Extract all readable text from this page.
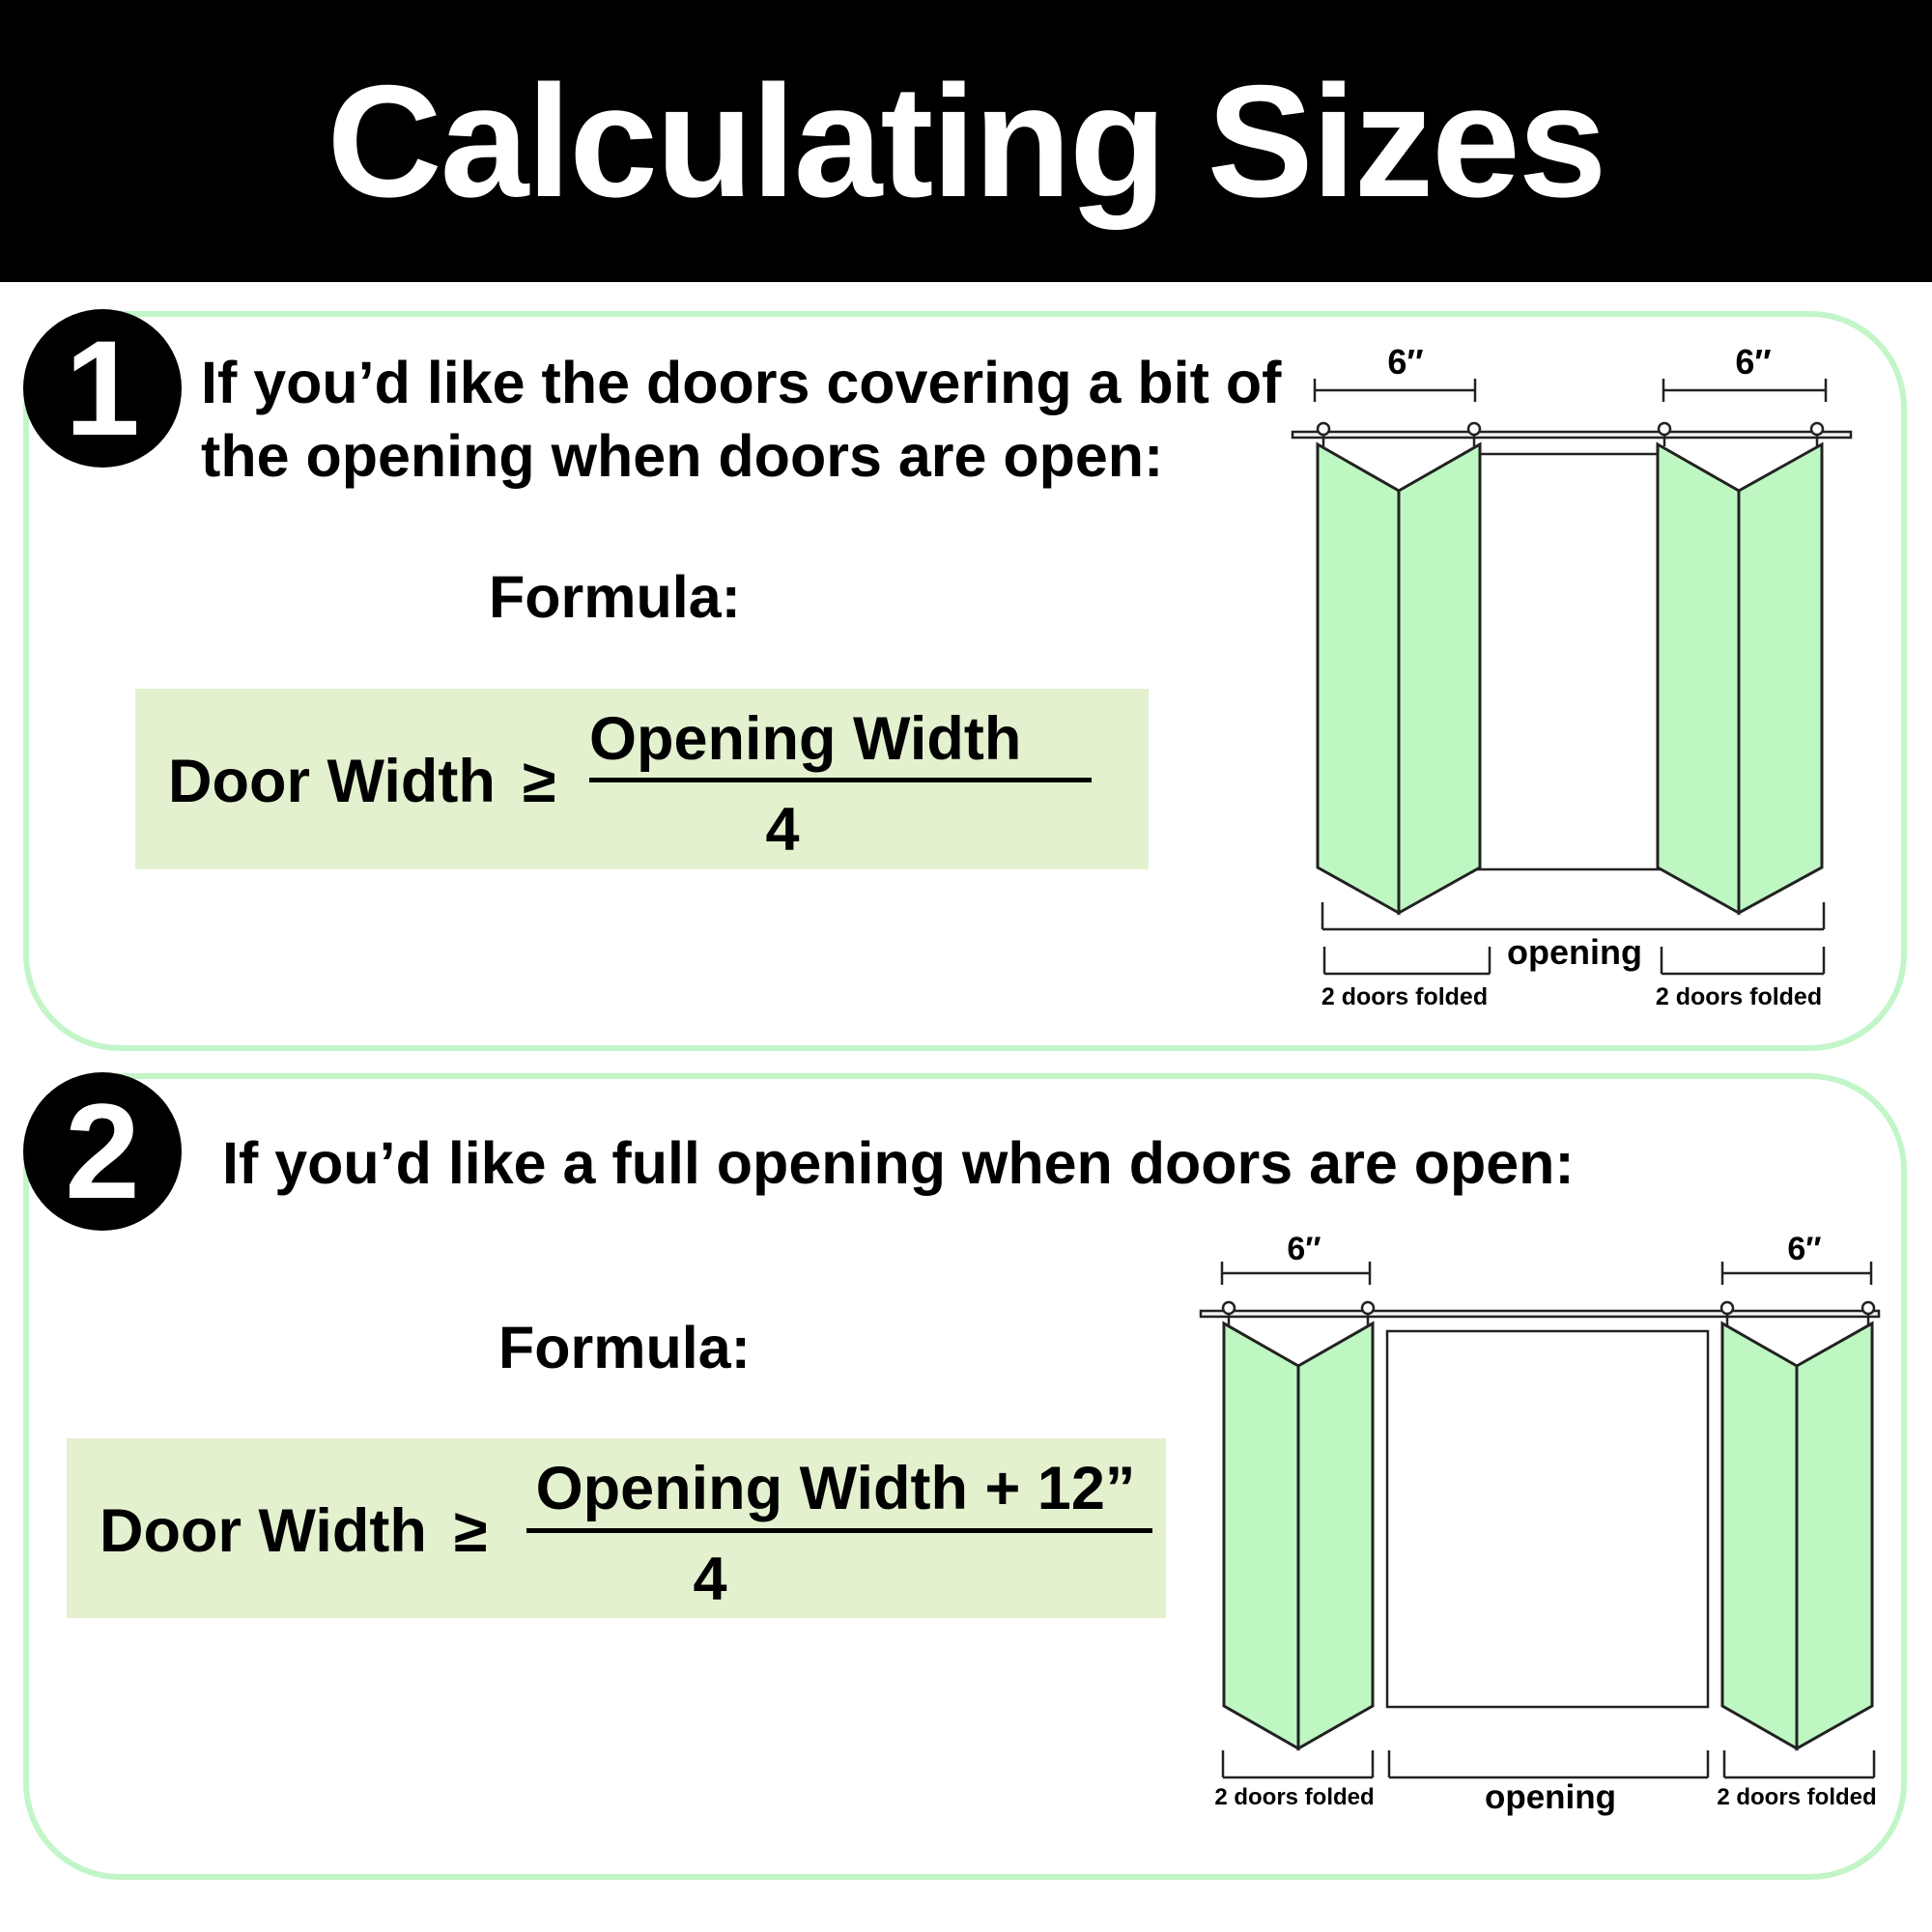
Calculating Sizes
1	If you’d like the doors covering a bit of
the opening when doors are open:
Formula:
Door Width ≥
Opening Width
4
6″	6″
opening
2 doors folded	2 doors folded
2	If you’d like a full opening when doors are open:
Formula:
Door Width ≥
Opening Width + 12”
4
6″	6″
opening
2 doors folded	2 doors folded
